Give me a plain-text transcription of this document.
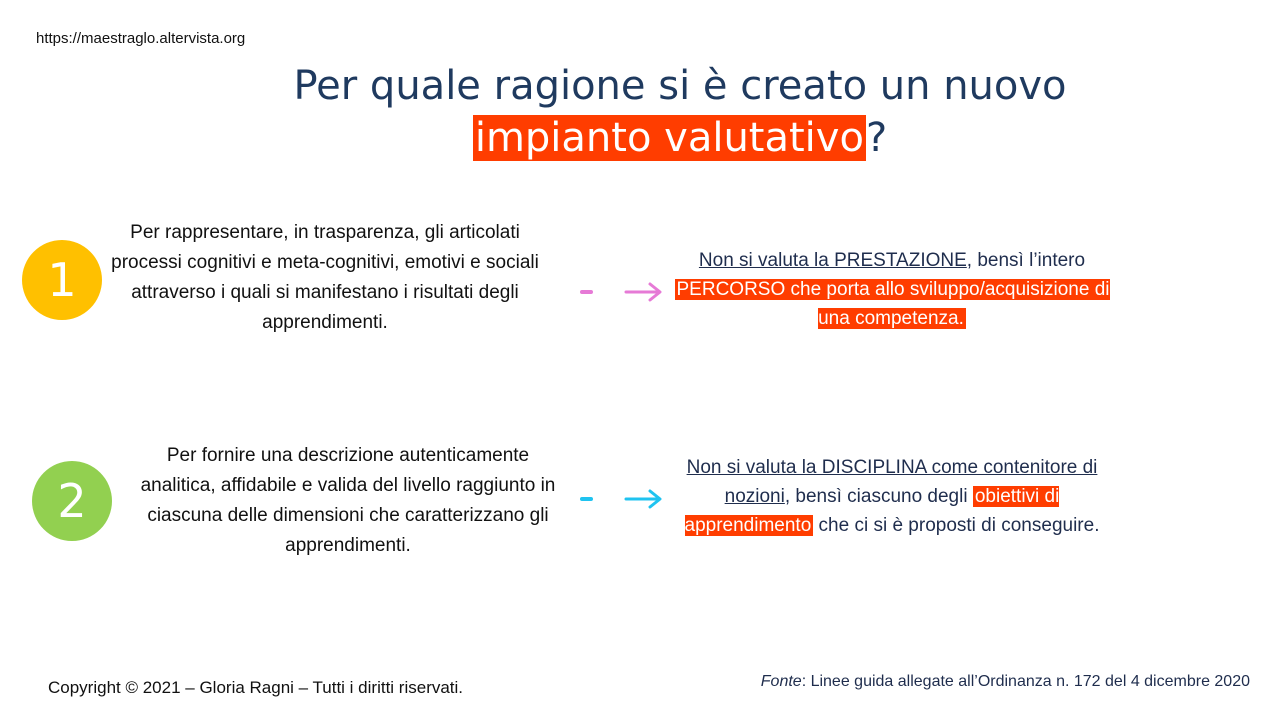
https://maestraglo.altervista.org
Per quale ragione si è creato un nuovo
impianto valutativo?
1
Per rappresentare, in trasparenza, gli articolati processi cognitivi e meta-cognitivi, emotivi e sociali attraverso i quali si manifestano i risultati degli apprendimenti.
Non si valuta la PRESTAZIONE, bensì l’intero PERCORSO che porta allo sviluppo/acquisizione di una competenza.
2
Per fornire una descrizione autenticamente analitica, affidabile e valida del livello raggiunto in ciascuna delle dimensioni che caratterizzano gli apprendimenti.
Non si valuta la DISCIPLINA come contenitore di nozioni, bensì ciascuno degli obiettivi di apprendimento che ci si è proposti di conseguire.
Copyright © 2021 – Gloria Ragni – Tutti i diritti riservati.	Fonte: Linee guida allegate all’Ordinanza n. 172 del 4 dicembre 2020
